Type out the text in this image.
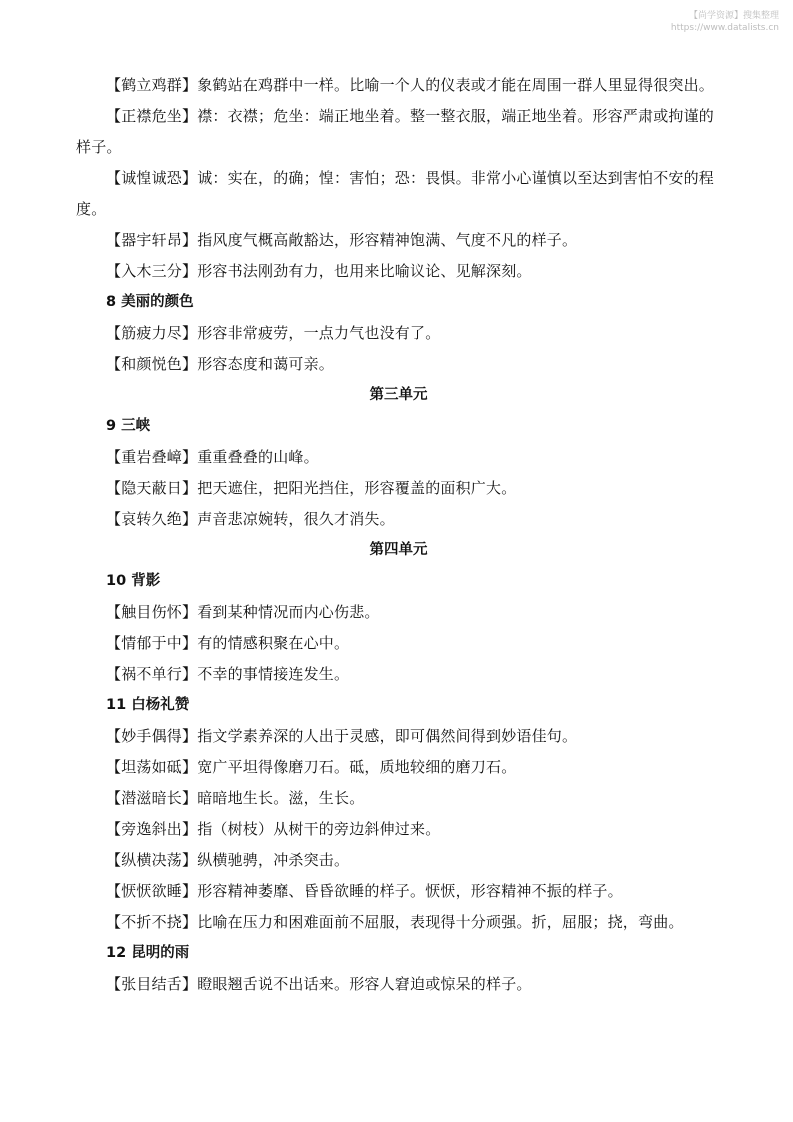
【尚学资源】搜集整理
https://www.datalists.cn

【鹤立鸡群】象鹤站在鸡群中一样。比喻一个人的仪表或才能在周围一群人里显得很突出。

【正襟危坐】襟：衣襟；危坐：端正地坐着。整一整衣服，端正地坐着。形容严肃或拘谨的样子。

【诚惶诚恐】诚：实在，的确；惶：害怕；恐：畏惧。非常小心谨慎以至达到害怕不安的程度。

【器宇轩昂】指风度气概高敞豁达，形容精神饱满、气度不凡的样子。

【入木三分】形容书法刚劲有力，也用来比喻议论、见解深刻。

8 美丽的颜色

【筋疲力尽】形容非常疲劳，一点力气也没有了。

【和颜悦色】形容态度和蔼可亲。

第三单元

9 三峡

【重岩叠嶂】重重叠叠的山峰。

【隐天蔽日】把天遮住，把阳光挡住，形容覆盖的面积广大。

【哀转久绝】声音悲凉婉转，很久才消失。

第四单元

10 背影

【触目伤怀】看到某种情况而内心伤悲。

【情郁于中】有的情感积聚在心中。

【祸不单行】不幸的事情接连发生。

11 白杨礼赞

【妙手偶得】指文学素养深的人出于灵感，即可偶然间得到妙语佳句。

【坦荡如砥】宽广平坦得像磨刀石。砥，质地较细的磨刀石。

【潜滋暗长】暗暗地生长。滋，生长。

【旁逸斜出】指（树枝）从树干的旁边斜伸过来。

【纵横决荡】纵横驰骋，冲杀突击。

【恹恹欲睡】形容精神萎靡、昏昏欲睡的样子。恹恹，形容精神不振的样子。

【不折不挠】比喻在压力和困难面前不屈服，表现得十分顽强。折，屈服；挠，弯曲。

12 昆明的雨

【张目结舌】瞪眼翘舌说不出话来。形容人窘迫或惊呆的样子。
